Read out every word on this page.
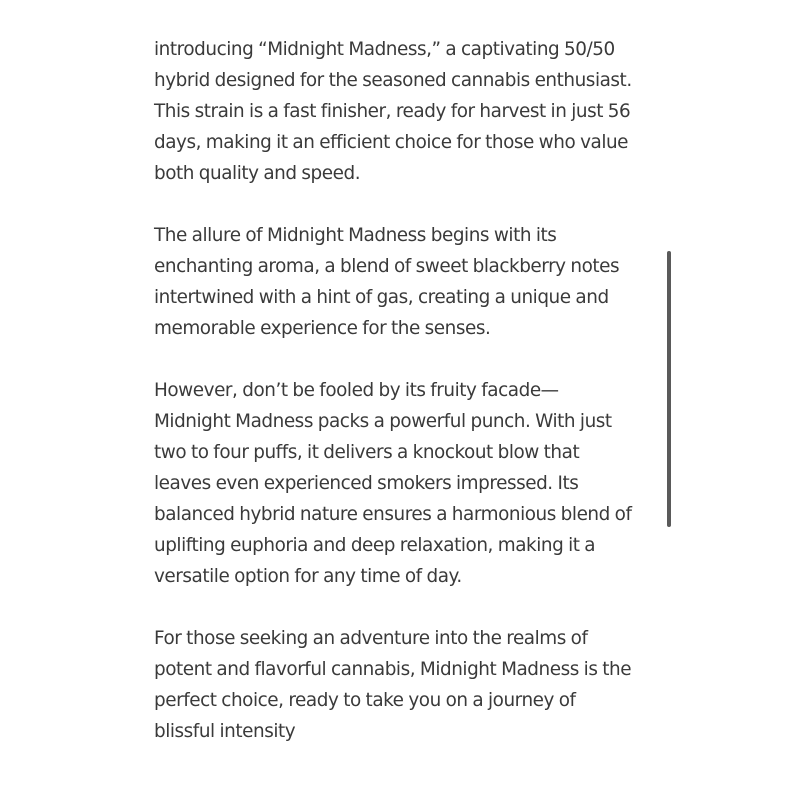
introducing “Midnight Madness,” a captivating 50/50
hybrid designed for the seasoned cannabis enthusiast.
This strain is a fast finisher, ready for harvest in just 56
days, making it an efficient choice for those who value
both quality and speed.

The allure of Midnight Madness begins with its
enchanting aroma, a blend of sweet blackberry notes
intertwined with a hint of gas, creating a unique and
memorable experience for the senses.

However, don’t be fooled by its fruity facade—
Midnight Madness packs a powerful punch. With just
two to four puffs, it delivers a knockout blow that
leaves even experienced smokers impressed. Its
balanced hybrid nature ensures a harmonious blend of
uplifting euphoria and deep relaxation, making it a
versatile option for any time of day.

For those seeking an adventure into the realms of
potent and flavorful cannabis, Midnight Madness is the
perfect choice, ready to take you on a journey of
blissful intensity
